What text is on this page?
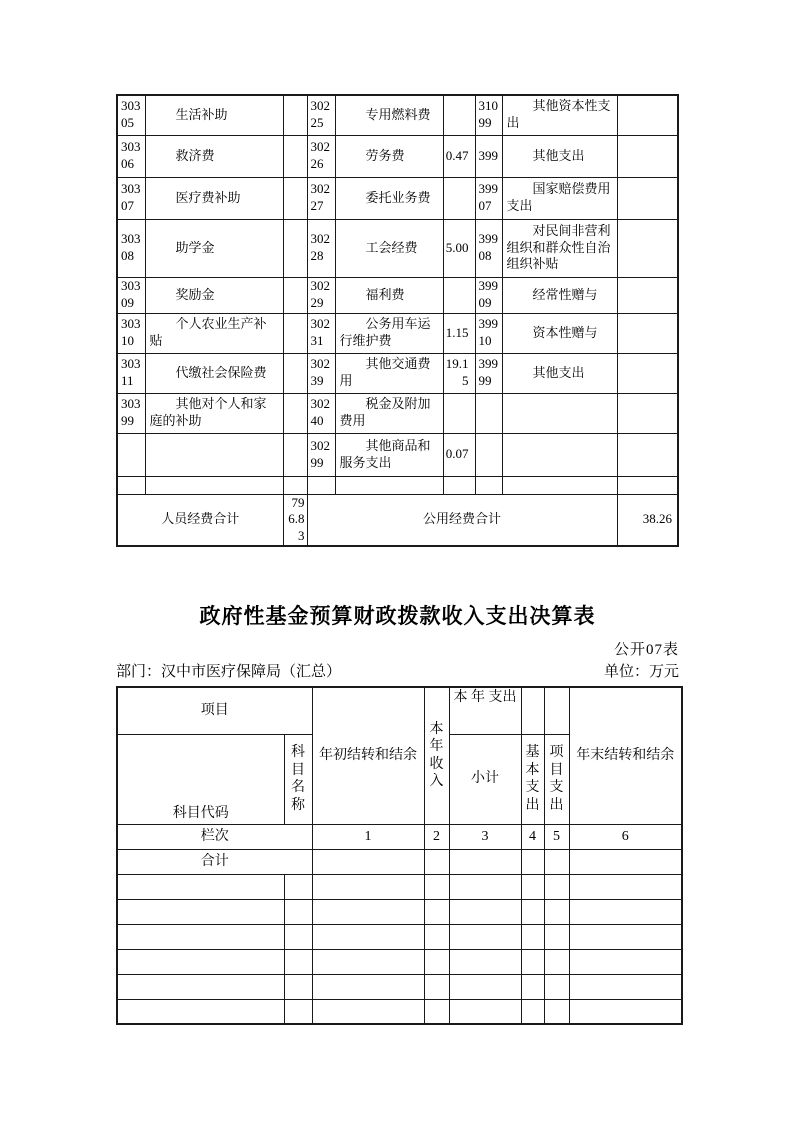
30305	生活补助		30225	专用燃料费		31099	其他资本性支出	
30306	救济费		30226	劳务费	0.47	399	其他支出	
30307	医疗费补助		30227	委托业务费		39907	国家赔偿费用支出	
30308	助学金		30228	工会经费	5.00	39908	对民间非营利组织和群众性自治组织补贴	
30309	奖励金		30229	福利费		39909	经常性赠与	
30310	个人农业生产补贴		30231	公务用车运行维护费	1.15	39910	资本性赠与	
30311	代缴社会保险费		30239	其他交通费用	19.15	39999	其他支出	
30399	其他对个人和家庭的补助		30240	税金及附加费用				
			30299	其他商品和服务支出	0.07			

人员经费合计		796.83	公用经费合计					38.26
政府性基金预算财政拨款收入支出决算表
公开07表
部门：汉中市医疗保障局（汇总）	单位：万元
项目		年初结转和结余	本年收入	本 年 支出			年末结转和结余
科目代码	科目名称			小计	基本支出	项目支出	
栏次		1	2	3	4	5	6
合计							
